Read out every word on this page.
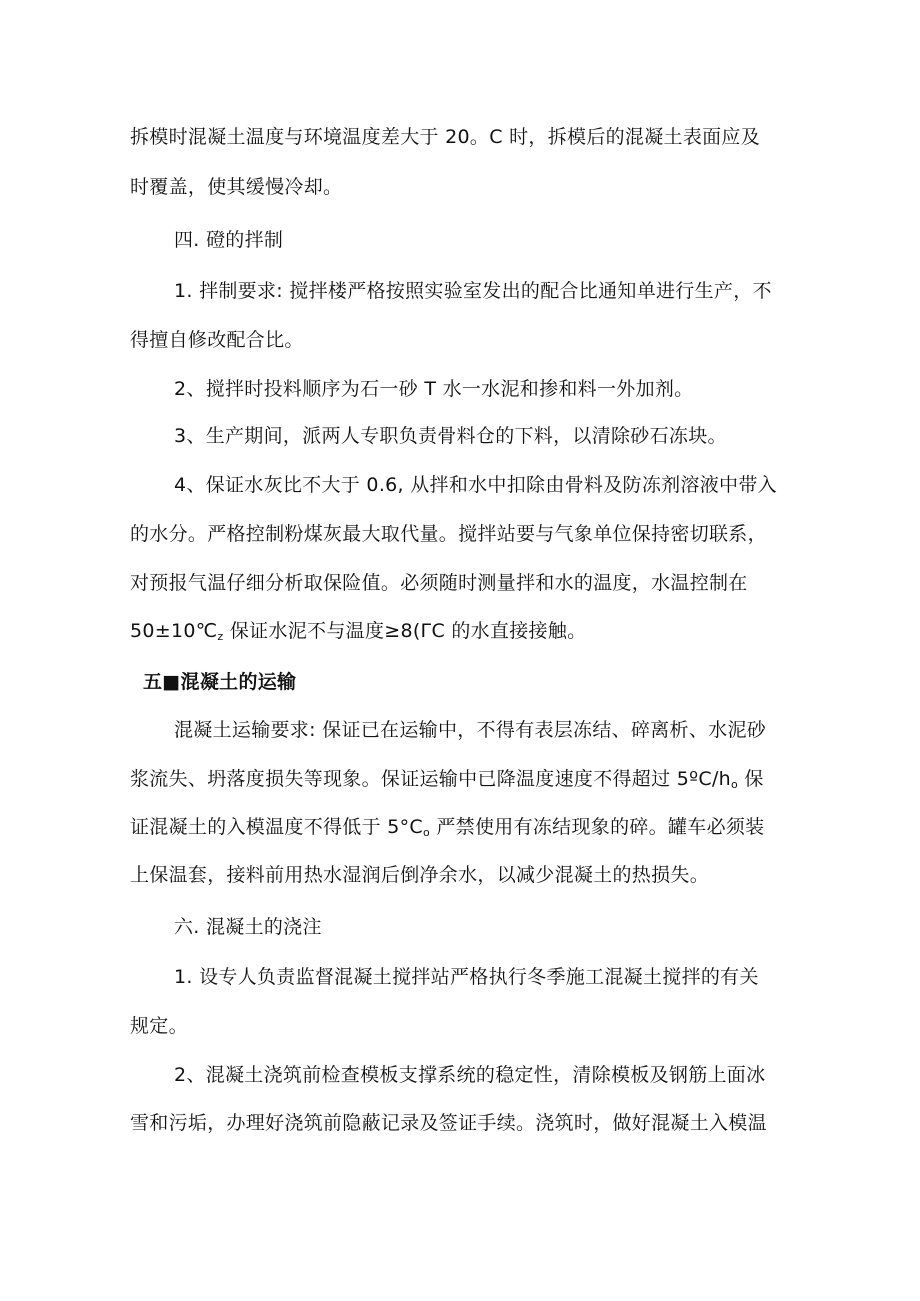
拆模时混凝土温度与环境温度差大于 20。C 时，拆模后的混凝土表面应及
时覆盖，使其缓慢冷却。
四. 磴的拌制
1. 拌制要求: 搅拌楼严格按照实验室发出的配合比通知单进行生产，不
得擅自修改配合比。
2、搅拌时投料顺序为石一砂 T 水一水泥和掺和料一外加剂。
3、生产期间，派两人专职负责骨料仓的下料，以清除砂石冻块。
4、保证水灰比不大于 0.6, 从拌和水中扣除由骨料及防冻剂溶液中带入
的水分。严格控制粉煤灰最大取代量。搅拌站要与气象单位保持密切联系，
对预报气温仔细分析取保险值。必须随时测量拌和水的温度，水温控制在
$50\pm 10℃_z$ 保证水泥不与温度≥8(ΓC 的水直接接触。
五■混凝土的运输
混凝土运输要求: 保证已在运输中，不得有表层冻结、碎离析、水泥砂
浆流失、坍落度损失等现象。保证运输中已降温度速度不得超过 $5ºC∕h_o$ 保
证混凝土的入模温度不得低于 $5^\circ C_o$ 严禁使用有冻结现象的碎。罐车必须装
上保温套，接料前用热水湿润后倒净余水，以减少混凝土的热损失。
六. 混凝土的浇注
1. 设专人负责监督混凝土搅拌站严格执行冬季施工混凝土搅拌的有关
规定。
2、混凝土浇筑前检查模板支撑系统的稳定性，清除模板及钢筋上面冰
雪和污垢，办理好浇筑前隐蔽记录及签证手续。浇筑时，做好混凝土入模温
